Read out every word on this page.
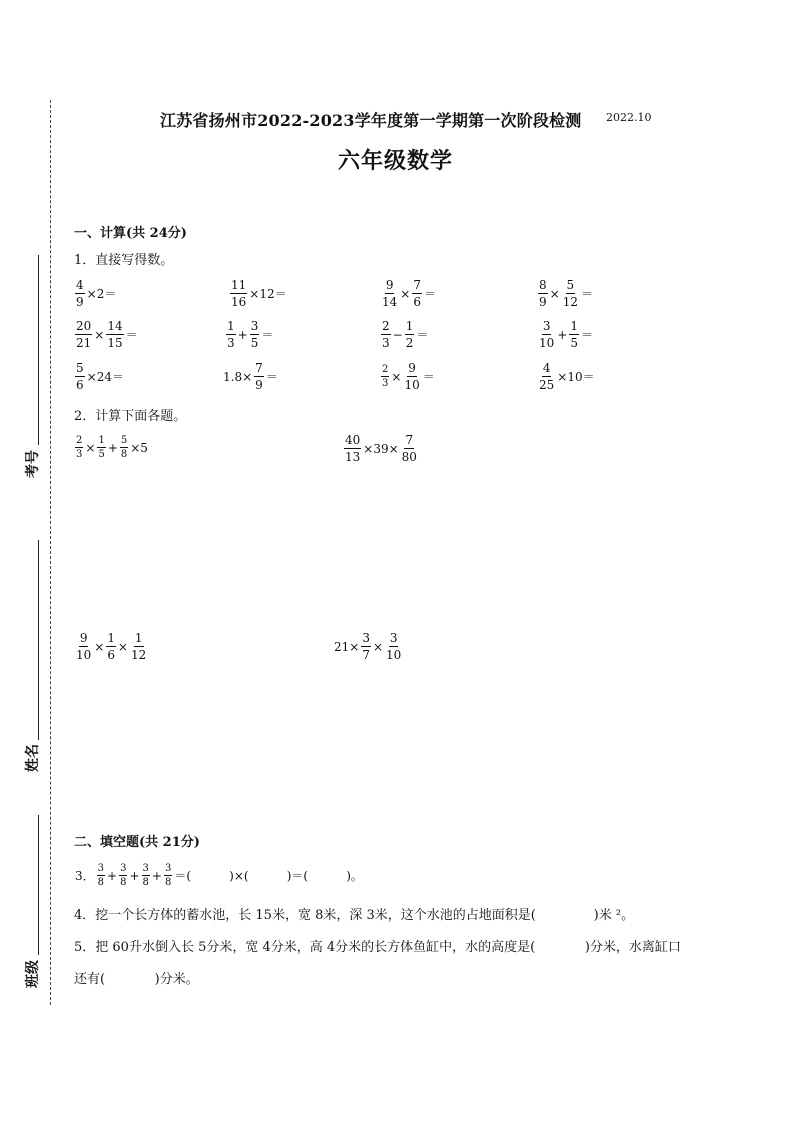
考号
姓名
班级
江苏省扬州市2022-2023学年度第一学期第一次阶段检测 2022.10
六年级数学
一、计算(共 24分)
1．直接写得数。
$\frac{4}{9} \times 2=$	$\frac{11}{16} \times 12=$	$\frac{9}{14} \times \frac{7}{6}$ ＝	$\frac{8}{9} \times \frac{5}{12}$ ＝
$\frac{20}{21} \times \frac{14}{15}$ ＝	$\frac{1}{3} + \frac{3}{5}$ ＝	$\frac{2}{3} - \frac{1}{2}$ ＝	$\frac{3}{10} + \frac{1}{5}$ ＝
$\frac{5}{6} \times 24=$	$1.8\times \frac{7}{9}$ ＝	$\frac{2}{3} \times \frac{9}{10}$ ＝	$\frac{4}{25} \times 10=$
2．计算下面各题。
$\frac{2}{3} \times \frac{1}{5} + \frac{5}{8} \times 5$	$\frac{40}{13} \times 39\times \frac{7}{80}$
$\frac{9}{10} \times \frac{1}{6} \times \frac{1}{12}$	$21\times \frac{3}{7} \times \frac{3}{10}$
二、填空题(共 21分)
3． $\frac{3}{8} + \frac{3}{8} + \frac{3}{8} + \frac{3}{8}$ ＝(          )×(          )＝(          )。
4．挖一个长方体的蓄水池，长 15米，宽 8米，深 3米，这个水池的占地面积是(              )米 ²。
5．把 60升水倒入长 5分米，宽 4分米，高 4分米的长方体鱼缸中，水的高度是(            )分米，水离缸口
还有(            )分米。
